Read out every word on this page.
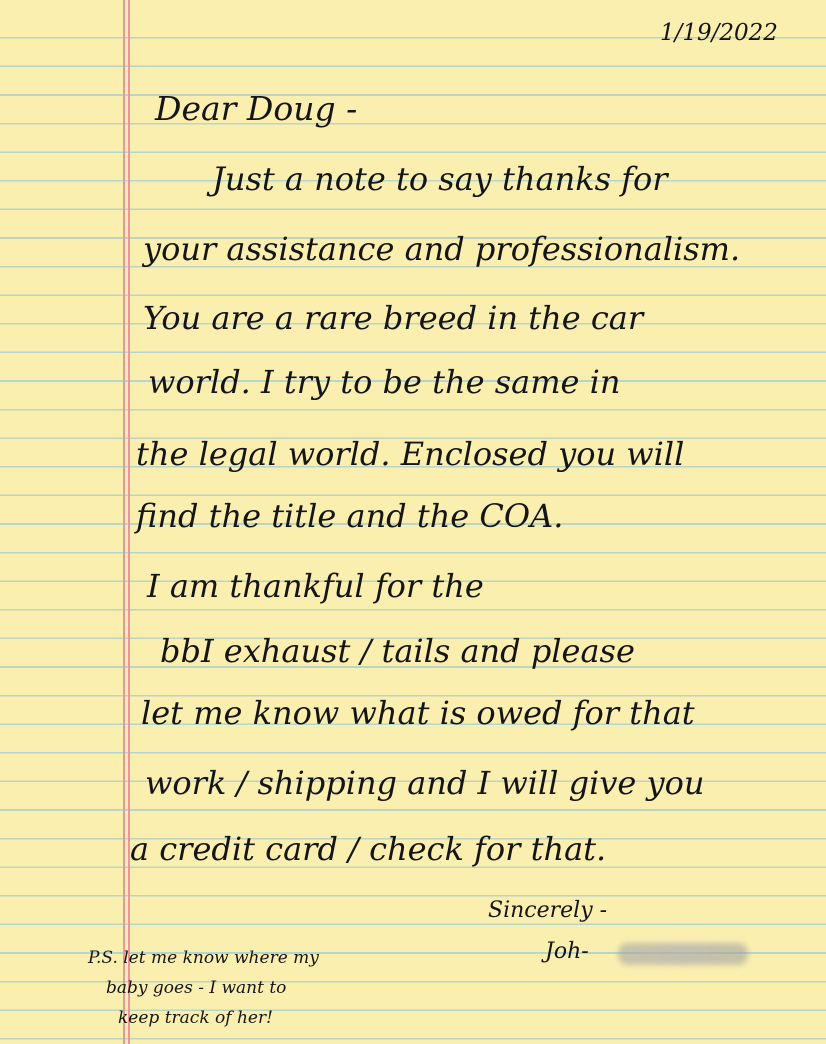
1/19/2022
Dear Doug -
Just a note to say thanks for
your assistance and professionalism.
You are a rare breed in the car
world. I try to be the same in
the legal world. Enclosed you will
find the title and the COA.
I am thankful for the
bbI exhaust / tails and please
let me know what is owed for that
work / shipping and I will give you
a credit card / check for that.
Sincerely -
Joh-
P.S. let me know where my
baby goes - I want to
keep track of her!
